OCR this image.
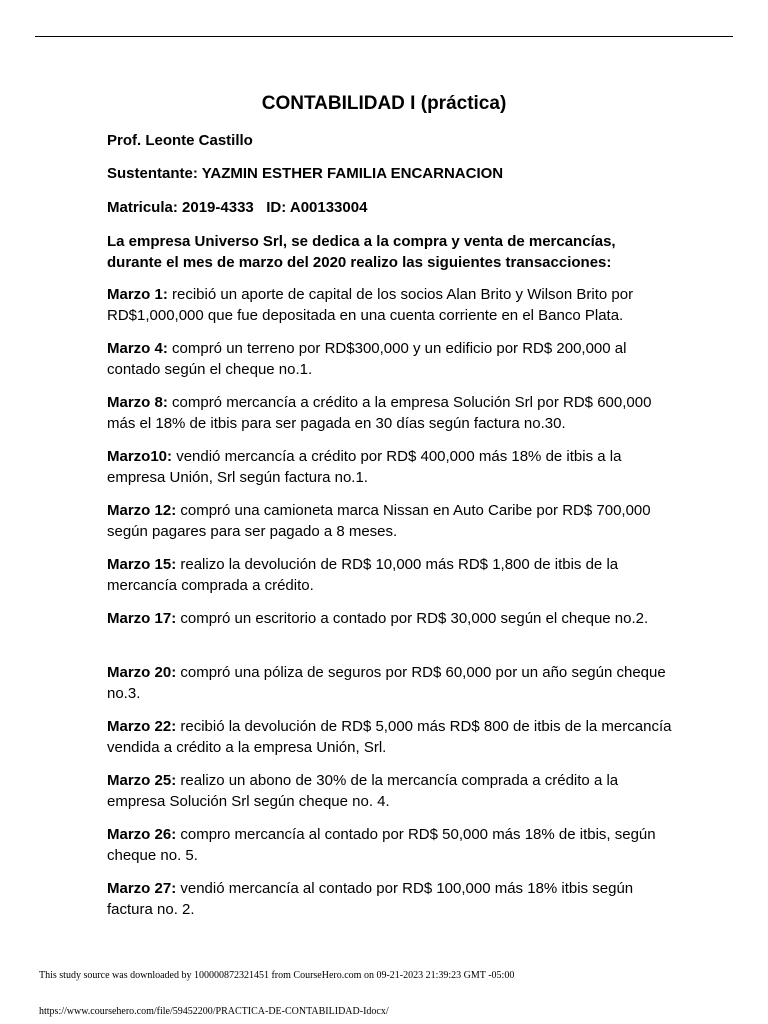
CONTABILIDAD I (práctica)

Prof. Leonte Castillo

Sustentante: YAZMIN ESTHER FAMILIA ENCARNACION

Matricula: 2019-4333   ID: A00133004

La empresa Universo Srl, se dedica a la compra y venta de mercancías, durante el mes de marzo del 2020 realizo las siguientes transacciones:

Marzo 1: recibió un aporte de capital de los socios Alan Brito y Wilson Brito por RD$1,000,000 que fue depositada en una cuenta corriente en el Banco Plata.
Marzo 4: compró un terreno por RD$300,000 y un edificio por RD$ 200,000 al contado según el cheque no.1.
Marzo 8: compró mercancía a crédito a la empresa Solución Srl por RD$ 600,000 más el 18% de itbis para ser pagada en 30 días según factura no.30.
Marzo10: vendió mercancía a crédito por RD$ 400,000 más 18% de itbis a la empresa Unión, Srl según factura no.1.
Marzo 12: compró una camioneta marca Nissan en Auto Caribe por RD$ 700,000 según pagares para ser pagado a 8 meses.
Marzo 15: realizo la devolución de RD$ 10,000 más RD$ 1,800 de itbis de la mercancía comprada a crédito.
Marzo 17: compró un escritorio a contado por RD$ 30,000 según el cheque no.2.
Marzo 20: compró una póliza de seguros por RD$ 60,000 por un año según cheque no.3.
Marzo 22: recibió la devolución de RD$ 5,000 más RD$ 800 de itbis de la mercancía vendida a crédito a la empresa Unión, Srl.
Marzo 25: realizo un abono de 30% de la mercancía comprada a crédito a la empresa Solución Srl según cheque no. 4.
Marzo 26: compro mercancía al contado por RD$ 50,000 más 18% de itbis, según cheque no. 5.
Marzo 27: vendió mercancía al contado por RD$ 100,000 más 18% itbis según factura no. 2.

This study source was downloaded by 100000872321451 from CourseHero.com on 09-21-2023 21:39:23 GMT -05:00

https://www.coursehero.com/file/59452200/PRACTICA-DE-CONTABILIDAD-Idocx/
